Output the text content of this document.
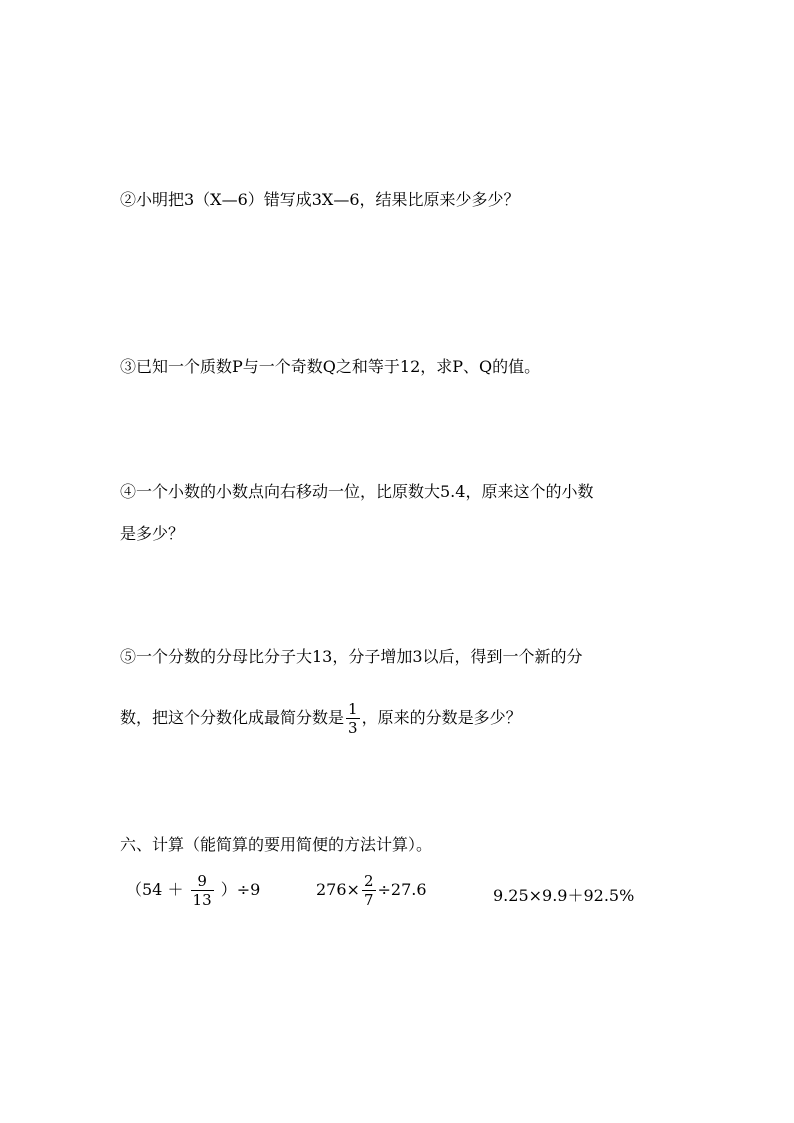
②小明把3（X—6）错写成3X—6，结果比原来少多少？
③已知一个质数P与一个奇数Q之和等于12，求P、Q的值。
④一个小数的小数点向右移动一位，比原数大5.4，原来这个的小数
是多少？
⑤一个分数的分母比分子大13，分子增加3以后，得到一个新的分
数，把这个分数化成最简分数是 $\frac{1}{3}$ ，原来的分数是多少？
六、计算（能简算的要用简便的方法计算）。
$(54 + \frac{9}{13} )\div 9$	$276\times \frac{2}{7} \div 27.6$	9.25×9.9＋92.5%
